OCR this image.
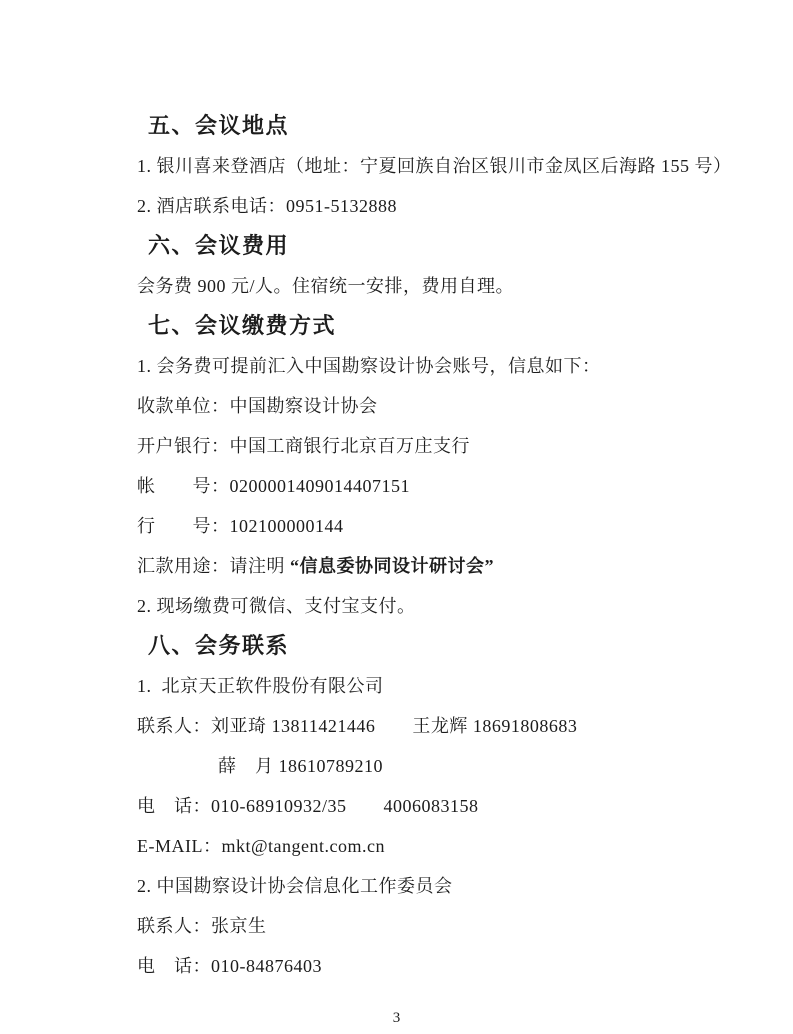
五、会议地点

1. 银川喜来登酒店（地址：宁夏回族自治区银川市金凤区后海路 155 号）

2. 酒店联系电话：0951-5132888

六、会议费用

会务费 900 元/人。住宿统一安排，费用自理。

七、会议缴费方式

1. 会务费可提前汇入中国勘察设计协会账号，信息如下：

收款单位：中国勘察设计协会

开户银行：中国工商银行北京百万庄支行

帐　　号：0200001409014407151

行　　号：102100000144

汇款用途：请注明 “信息委协同设计研讨会”

2. 现场缴费可微信、支付宝支付。

八、会务联系

1.  北京天正软件股份有限公司

联系人：刘亚琦 13811421446　　王龙辉 18691808683

薛　月 18610789210

电　话：010-68910932/35　　4006083158

E-MAIL：mkt@tangent.com.cn

2. 中国勘察设计协会信息化工作委员会

联系人：张京生

电　话：010-84876403

3
